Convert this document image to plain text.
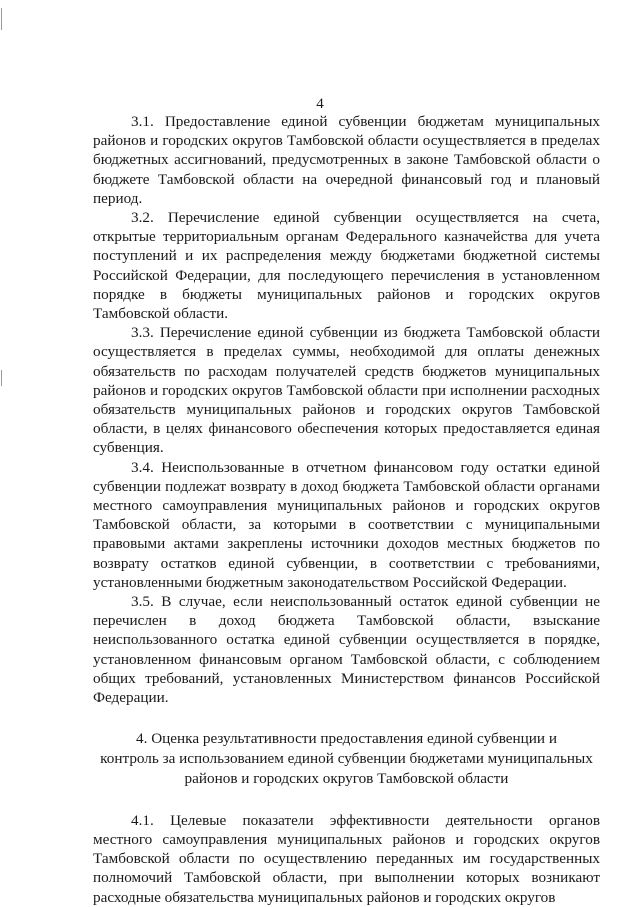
4

3.1. Предоставление единой субвенции бюджетам муниципальных районов и городских округов Тамбовской области осуществляется в пределах бюджетных ассигнований, предусмотренных в законе Тамбовской области о бюджете Тамбовской области на очередной финансовый год и плановый период.

3.2. Перечисление единой субвенции осуществляется на счета, открытые территориальным органам Федерального казначейства для учета поступлений и их распределения между бюджетами бюджетной системы Российской Федерации, для последующего перечисления в установленном порядке в бюджеты муниципальных районов и городских округов Тамбовской области.

3.3. Перечисление единой субвенции из бюджета Тамбовской области осуществляется в пределах суммы, необходимой для оплаты денежных обязательств по расходам получателей средств бюджетов муниципальных районов и городских округов Тамбовской области при исполнении расходных обязательств муниципальных районов и городских округов Тамбовской области, в целях финансового обеспечения которых предоставляется единая субвенция.

3.4. Неиспользованные в отчетном финансовом году остатки единой субвенции подлежат возврату в доход бюджета Тамбовской области органами местного самоуправления муниципальных районов и городских округов Тамбовской области, за которыми в соответствии с муниципальными правовыми актами закреплены источники доходов местных бюджетов по возврату остатков единой субвенции, в соответствии с требованиями, установленными бюджетным законодательством Российской Федерации.

3.5. В случае, если неиспользованный остаток единой субвенции не перечислен в доход бюджета Тамбовской области, взыскание неиспользованного остатка единой субвенции осуществляется в порядке, установленном финансовым органом Тамбовской области, с соблюдением общих требований, установленных Министерством финансов Российской Федерации.

4. Оценка результативности предоставления единой субвенции и
контроль за использованием единой субвенции бюджетами муниципальных
районов и городских округов Тамбовской области

4.1. Целевые показатели эффективности деятельности органов местного самоуправления муниципальных районов и городских округов Тамбовской области по осуществлению переданных им государственных полномочий Тамбовской области, при выполнении которых возникают расходные обязательства муниципальных районов и городских округов
